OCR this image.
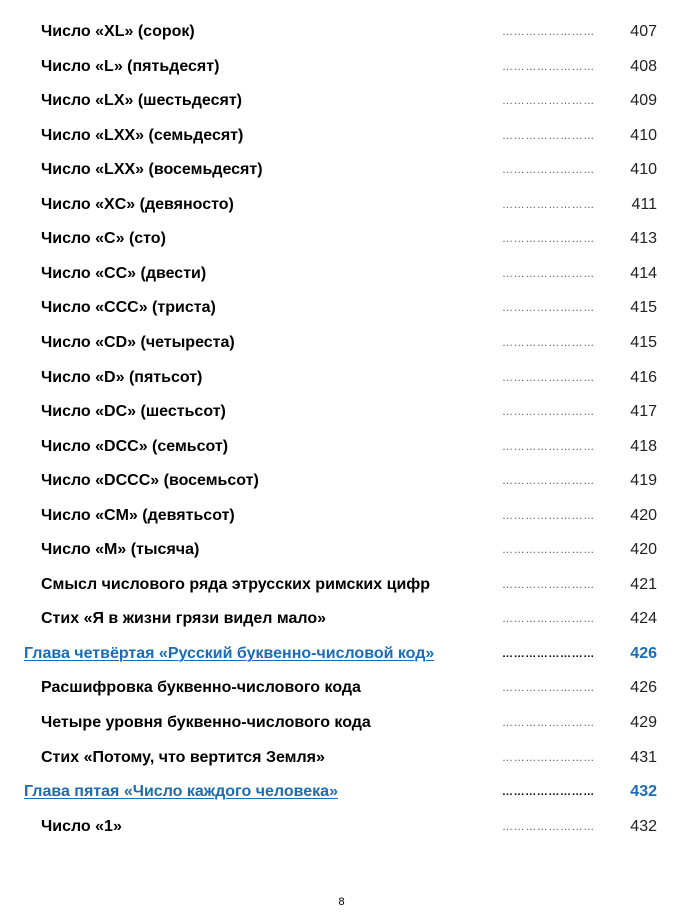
Число «XL» (сорок)	……………………	407
Число «L» (пятьдесят)	……………………	408
Число «LX» (шестьдесят)	……………………	409
Число «LXX» (семьдесят)	……………………	410
Число «LXX» (восемьдесят)	……………………	410
Число «XC» (девяносто)	……………………	411
Число «С» (сто)	……………………	413
Число «СС» (двести)	……………………	414
Число «ССС» (триста)	……………………	415
Число «CD» (четыреста)	……………………	415
Число «D» (пятьсот)	……………………	416
Число «DC» (шестьсот)	……………………	417
Число «DCC» (семьсот)	……………………	418
Число «DCCC» (восемьсот)	……………………	419
Число «CM» (девятьсот)	……………………	420
Число «M» (тысяча)	……………………	420
Смысл числового ряда этрусских римских цифр	……………………	421
Стих «Я в жизни грязи видел мало»	……………………	424
Глава четвёртая «Русский буквенно-числовой код»	……………………	426
Расшифровка буквенно-числового кода	……………………	426
Четыре уровня буквенно-числового кода	……………………	429
Стих «Потому, что вертится Земля»	……………………	431
Глава пятая «Число каждого человека»	……………………	432
Число «1»	……………………	432
8
